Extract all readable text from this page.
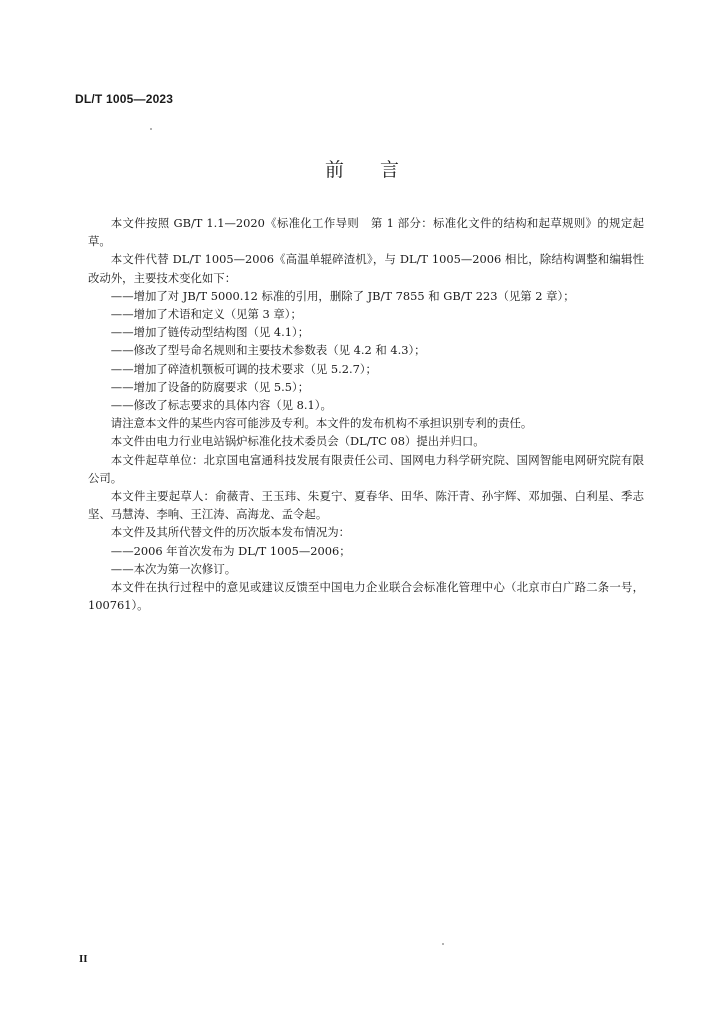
DL/T 1005—2023
前言

本文件按照 GB/T 1.1—2020《标准化工作导则　第 1 部分：标准化文件的结构和起草规则》的规定起草。

本文件代替 DL/T 1005—2006《高温单辊碎渣机》，与 DL/T 1005—2006 相比，除结构调整和编辑性改动外，主要技术变化如下：

——增加了对 JB/T 5000.12 标准的引用，删除了 JB/T 7855 和 GB/T 223（见第 2 章）；

——增加了术语和定义（见第 3 章）；

——增加了链传动型结构图（见 4.1）；

——修改了型号命名规则和主要技术参数表（见 4.2 和 4.3）；

——增加了碎渣机颚板可调的技术要求（见 5.2.7）；

——增加了设备的防腐要求（见 5.5）；

——修改了标志要求的具体内容（见 8.1）。

请注意本文件的某些内容可能涉及专利。本文件的发布机构不承担识别专利的责任。

本文件由电力行业电站锅炉标准化技术委员会（DL/TC 08）提出并归口。

本文件起草单位：北京国电富通科技发展有限责任公司、国网电力科学研究院、国网智能电网研究院有限公司。

本文件主要起草人：俞薇青、王玉玮、朱夏宁、夏春华、田华、陈汗青、孙宇辉、邓加强、白利星、季志坚、马慧涛、李响、王江涛、高海龙、孟令起。

本文件及其所代替文件的历次版本发布情况为：

——2006 年首次发布为 DL/T 1005—2006；

——本次为第一次修订。

本文件在执行过程中的意见或建议反馈至中国电力企业联合会标准化管理中心（北京市白广路二条一号，100761）。

II
